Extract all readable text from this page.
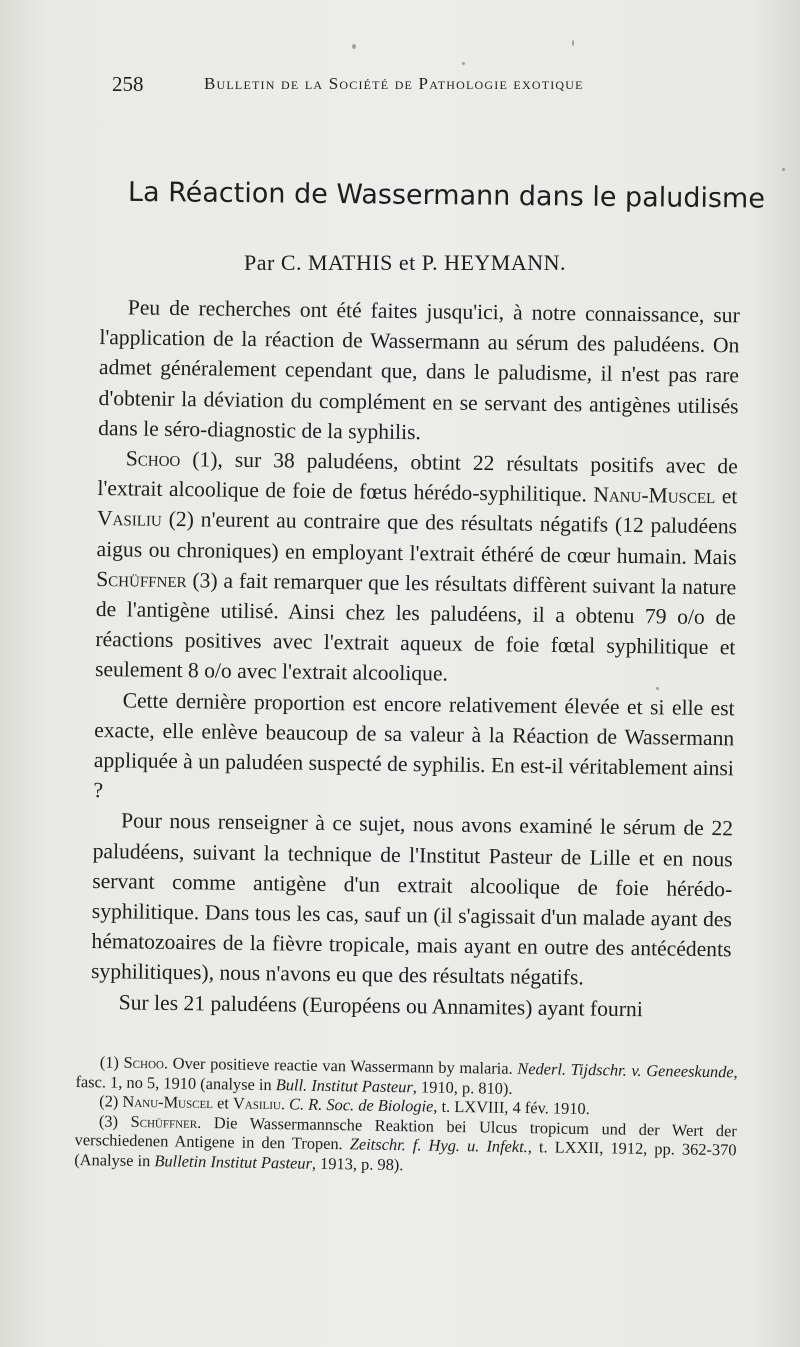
258	Bulletin de la Société de Pathologie exotique
La Réaction de Wassermann dans le paludisme
Par C. MATHIS et P. HEYMANN.

Peu de recherches ont été faites jusqu'ici, à notre connaissance, sur l'application de la réaction de Wassermann au sérum des paludéens. On admet généralement cependant que, dans le paludisme, il n'est pas rare d'obtenir la déviation du complément en se servant des antigènes utilisés dans le séro-diagnostic de la syphilis.

Schoo (1), sur 38 paludéens, obtint 22 résultats positifs avec de l'extrait alcoolique de foie de fœtus hérédo-syphilitique. Nanu-Muscel et Vasiliu (2) n'eurent au contraire que des résultats négatifs (12 paludéens aigus ou chroniques) en employant l'extrait éthéré de cœur humain. Mais Schüffner (3) a fait remarquer que les résultats diffèrent suivant la nature de l'antigène utilisé. Ainsi chez les paludéens, il a obtenu 79 o/o de réactions positives avec l'extrait aqueux de foie fœtal syphilitique et seulement 8 o/o avec l'extrait alcoolique.

Cette dernière proportion est encore relativement élevée et si elle est exacte, elle enlève beaucoup de sa valeur à la Réaction de Wassermann appliquée à un paludéen suspecté de syphilis. En est-il véritablement ainsi ?

Pour nous renseigner à ce sujet, nous avons examiné le sérum de 22 paludéens, suivant la technique de l'Institut Pasteur de Lille et en nous servant comme antigène d'un extrait alcoolique de foie hérédo-syphilitique. Dans tous les cas, sauf un (il s'agissait d'un malade ayant des hématozoaires de la fièvre tropicale, mais ayant en outre des antécédents syphilitiques), nous n'avons eu que des résultats négatifs.

Sur les 21 paludéens (Européens ou Annamites) ayant fourni

(1) Schoo. Over positieve reactie van Wassermann by malaria. Nederl. Tijdschr. v. Geneeskunde, fasc. 1, no 5, 1910 (analyse in Bull. Institut Pasteur, 1910, p. 810).

(2) Nanu-Muscel et Vasiliu. C. R. Soc. de Biologie, t. LXVIII, 4 fév. 1910.

(3) Schüffner. Die Wassermannsche Reaktion bei Ulcus tropicum und der Wert der verschiedenen Antigene in den Tropen. Zeitschr. f. Hyg. u. Infekt., t. LXXII, 1912, pp. 362-370 (Analyse in Bulletin Institut Pasteur, 1913, p. 98).
